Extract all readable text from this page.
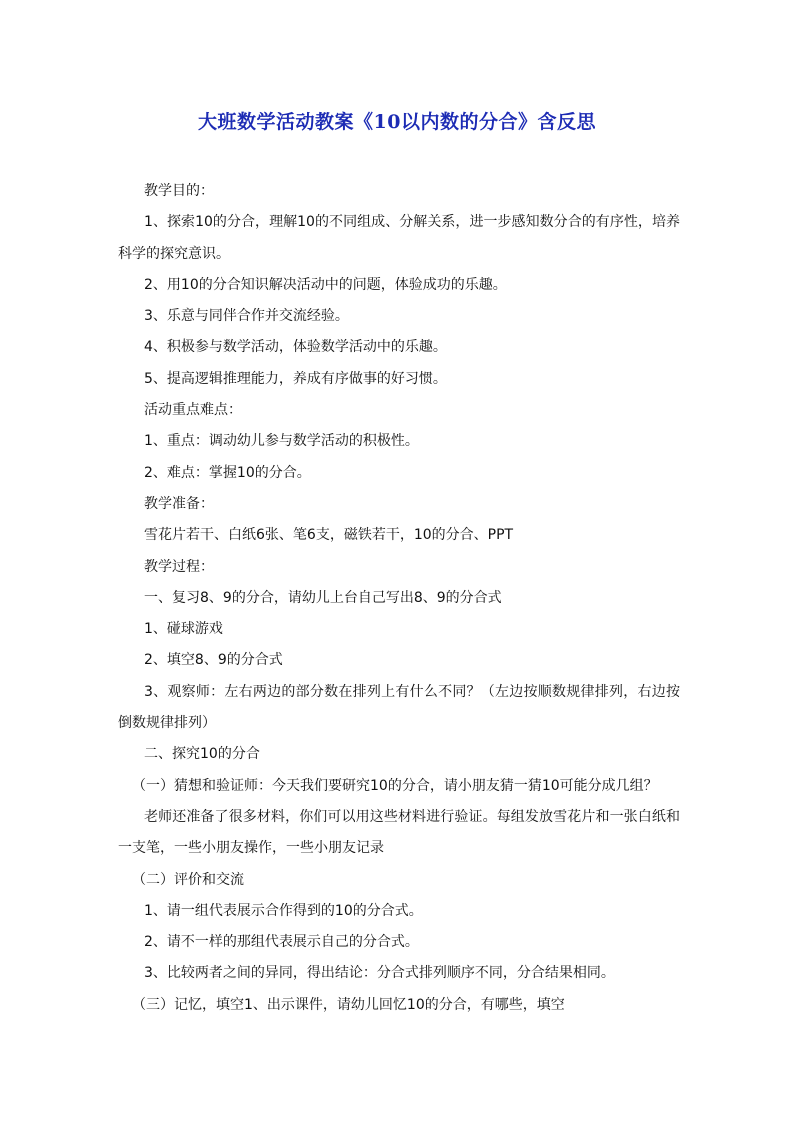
大班数学活动教案《10以内数的分合》含反思

教学目的：

1、探索10的分合，理解10的不同组成、分解关系，进一步感知数分合的有序性，培养科学的探究意识。

2、用10的分合知识解决活动中的问题，体验成功的乐趣。

3、乐意与同伴合作并交流经验。

4、积极参与数学活动，体验数学活动中的乐趣。

5、提高逻辑推理能力，养成有序做事的好习惯。

活动重点难点：

1、重点：调动幼儿参与数学活动的积极性。

2、难点：掌握10的分合。

教学准备：

雪花片若干、白纸6张、笔6支，磁铁若干，10的分合、PPT

教学过程：

一、复习8、9的分合，请幼儿上台自己写出8、9的分合式

1、碰球游戏

2、填空8、9的分合式

3、观察师：左右两边的部分数在排列上有什么不同？（左边按顺数规律排列，右边按倒数规律排列）

二、探究10的分合

（一）猜想和验证师：今天我们要研究10的分合，请小朋友猜一猜10可能分成几组？

老师还准备了很多材料，你们可以用这些材料进行验证。每组发放雪花片和一张白纸和一支笔，一些小朋友操作，一些小朋友记录

（二）评价和交流

1、请一组代表展示合作得到的10的分合式。

2、请不一样的那组代表展示自己的分合式。

3、比较两者之间的异同，得出结论：分合式排列顺序不同，分合结果相同。

（三）记忆，填空1、出示课件，请幼儿回忆10的分合，有哪些，填空
